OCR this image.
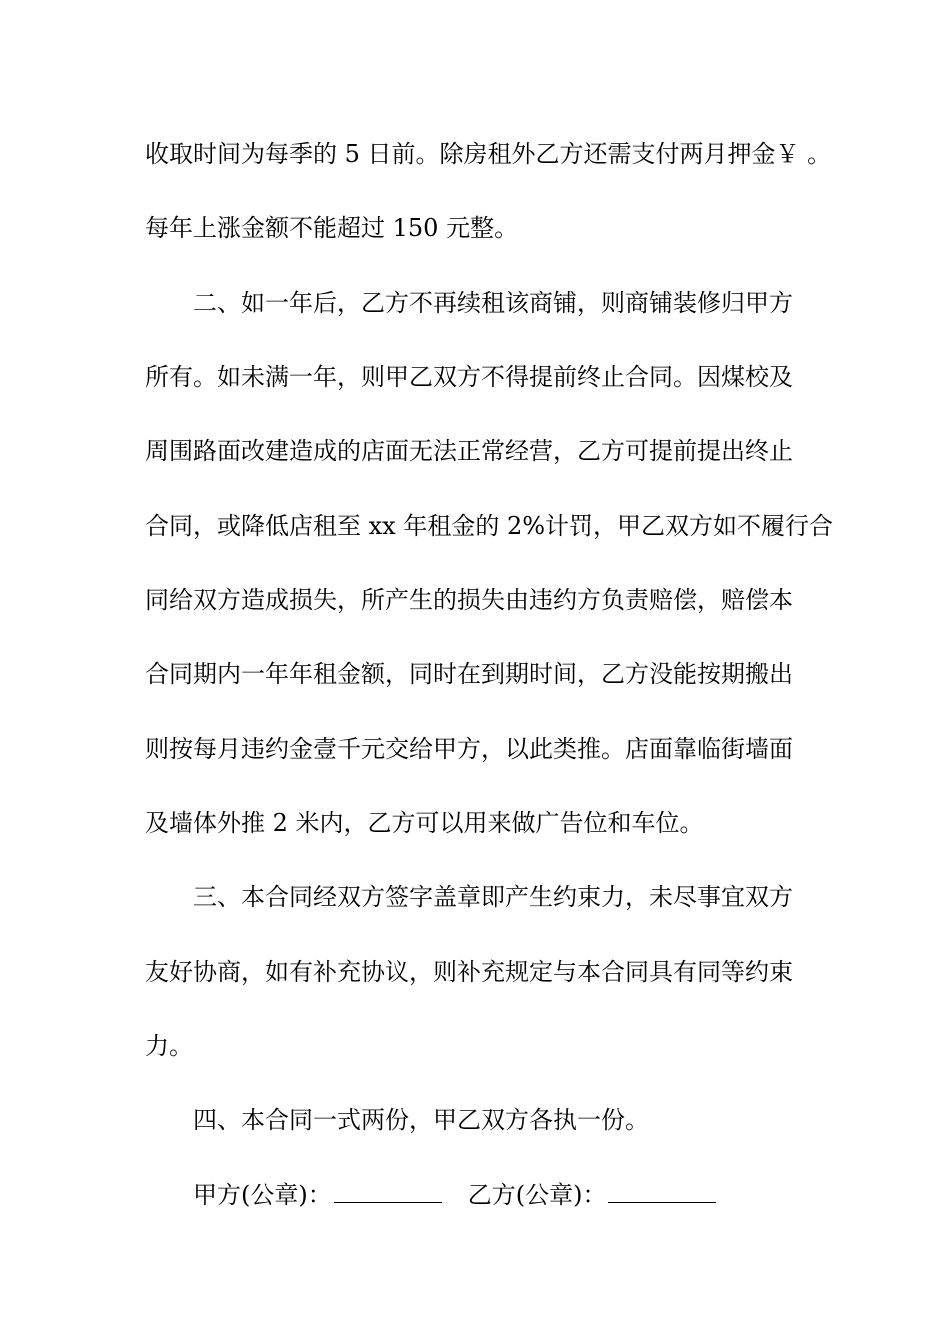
收取时间为每季的 5 日前。除房租外乙方还需支付两月押金￥ 。

每年上涨金额不能超过 150 元整。

二、如一年后，乙方不再续租该商铺，则商铺装修归甲方

所有。如未满一年，则甲乙双方不得提前终止合同。因煤校及

周围路面改建造成的店面无法正常经营，乙方可提前提出终止

合同，或降低店租至 xx 年租金的 2%计罚，甲乙双方如不履行合

同给双方造成损失，所产生的损失由违约方负责赔偿，赔偿本

合同期内一年年租金额，同时在到期时间，乙方没能按期搬出

则按每月违约金壹千元交给甲方，以此类推。店面靠临街墙面

及墙体外推 2 米内，乙方可以用来做广告位和车位。

三、本合同经双方签字盖章即产生约束力，未尽事宜双方

友好协商，如有补充协议，则补充规定与本合同具有同等约束

力。

四、本合同一式两份，甲乙双方各执一份。

甲方(公章)：	乙方(公章)：
